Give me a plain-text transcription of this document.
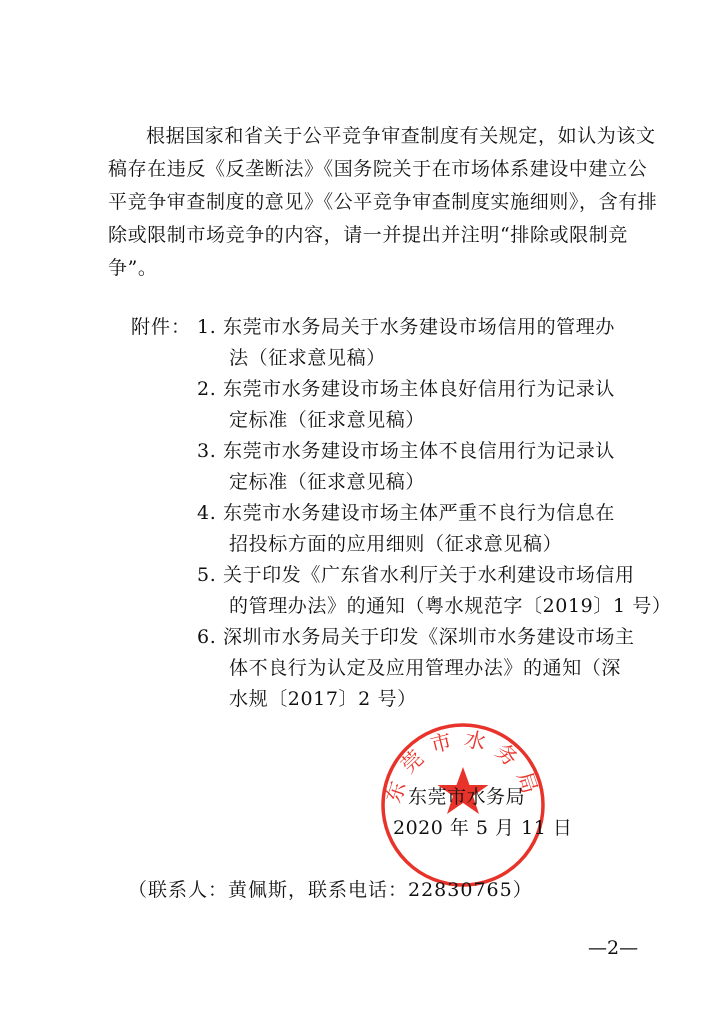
根据国家和省关于公平竞争审查制度有关规定，如认为该文
稿存在违反《反垄断法》《国务院关于在市场体系建设中建立公
平竞争审查制度的意见》《公平竞争审查制度实施细则》，含有排
除或限制市场竞争的内容，请一并提出并注明“排除或限制竞
争”。
附件： 1. 东莞市水务局关于水务建设市场信用的管理办
法（征求意见稿）
2. 东莞市水务建设市场主体良好信用行为记录认
定标准（征求意见稿）
3. 东莞市水务建设市场主体不良信用行为记录认
定标准（征求意见稿）
4. 东莞市水务建设市场主体严重不良行为信息在
招投标方面的应用细则（征求意见稿）
5. 关于印发《广东省水利厅关于水利建设市场信用
的管理办法》的通知（粤水规范字〔2019〕1 号）
6. 深圳市水务局关于印发《深圳市水务建设市场主
体不良行为认定及应用管理办法》的通知（深
水规〔2017〕2 号）
东莞市水务局
东莞市水务局
2020 年 5 月 11 日
（联系人：黄佩斯，联系电话：22830765）
—2—
